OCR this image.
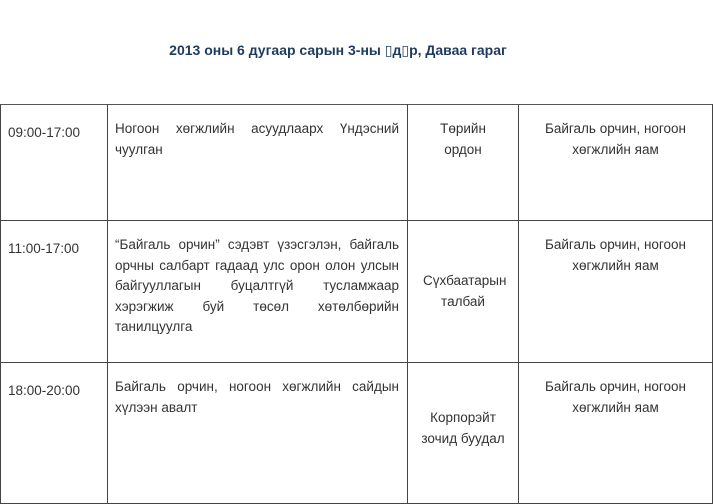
2013 оны 6 дугаар сарын 3-ны ▯д▯р, Даваа гараг
09:00-17:00	Ногоон хөгжлийн асуудлаарх Үндэсний чуулган	Төрийн ордон	Байгаль орчин, ногоон хөгжлийн яам

11:00-17:00	“Байгаль орчин” сэдэвт үзэсгэлэн, байгаль орчны салбарт гадаад улс орон олон улсын байгууллагын буцалтгүй тусламжаар хэрэгжиж буй төсөл хөтөлбөрийн танилцуулга	Сүхбаатарын талбай	Байгаль орчин, ногоон хөгжлийн яам

18:00-20:00	Байгаль орчин, ногоон хөгжлийн сайдын хүлээн авалт	Корпорэйт зочид буудал	Байгаль орчин, ногоон хөгжлийн яам
